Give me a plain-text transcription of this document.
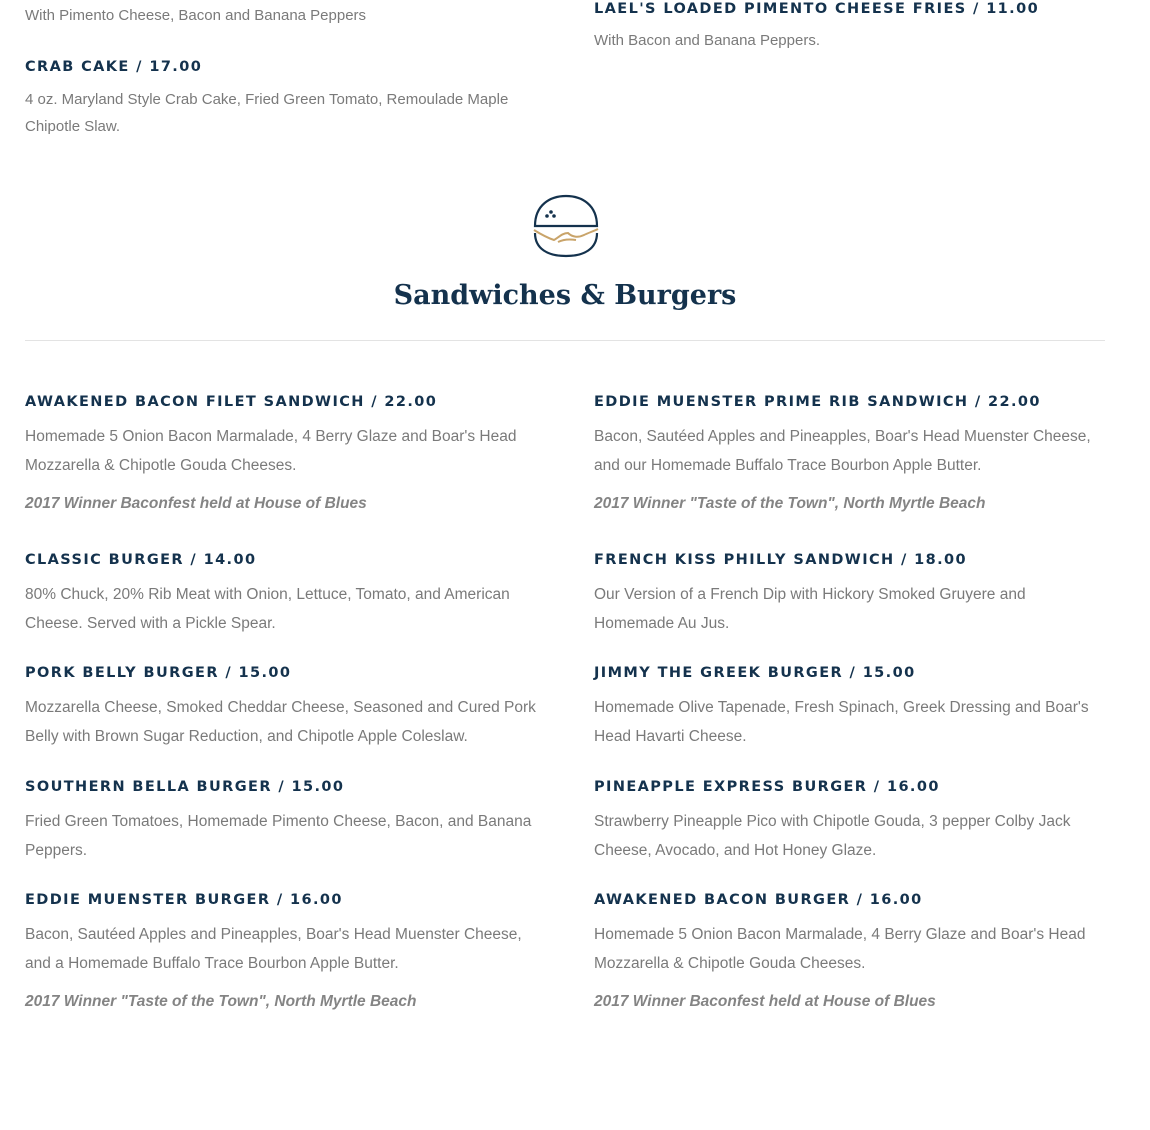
With Pimento Cheese, Bacon and Banana Peppers
CRAB CAKE / 17.00
4 oz. Maryland Style Crab Cake, Fried Green Tomato, Remoulade Maple Chipotle Slaw.
LAEL'S LOADED PIMENTO CHEESE FRIES / 11.00
With Bacon and Banana Peppers.
Sandwiches & Burgers
AWAKENED BACON FILET SANDWICH / 22.00
Homemade 5 Onion Bacon Marmalade, 4 Berry Glaze and Boar's Head Mozzarella & Chipotle Gouda Cheeses.
2017 Winner Baconfest held at House of Blues
CLASSIC BURGER / 14.00
80% Chuck, 20% Rib Meat with Onion, Lettuce, Tomato, and American Cheese. Served with a Pickle Spear.
PORK BELLY BURGER / 15.00
Mozzarella Cheese, Smoked Cheddar Cheese, Seasoned and Cured Pork Belly with Brown Sugar Reduction, and Chipotle Apple Coleslaw.
SOUTHERN BELLA BURGER / 15.00
Fried Green Tomatoes, Homemade Pimento Cheese, Bacon, and Banana Peppers.
EDDIE MUENSTER BURGER / 16.00
Bacon, Sautéed Apples and Pineapples, Boar's Head Muenster Cheese, and a Homemade Buffalo Trace Bourbon Apple Butter.
2017 Winner "Taste of the Town", North Myrtle Beach
EDDIE MUENSTER PRIME RIB SANDWICH / 22.00
Bacon, Sautéed Apples and Pineapples, Boar's Head Muenster Cheese, and our Homemade Buffalo Trace Bourbon Apple Butter.
2017 Winner "Taste of the Town", North Myrtle Beach
FRENCH KISS PHILLY SANDWICH / 18.00
Our Version of a French Dip with Hickory Smoked Gruyere and Homemade Au Jus.
JIMMY THE GREEK BURGER / 15.00
Homemade Olive Tapenade, Fresh Spinach, Greek Dressing and Boar's Head Havarti Cheese.
PINEAPPLE EXPRESS BURGER / 16.00
Strawberry Pineapple Pico with Chipotle Gouda, 3 pepper Colby Jack Cheese, Avocado, and Hot Honey Glaze.
AWAKENED BACON BURGER / 16.00
Homemade 5 Onion Bacon Marmalade, 4 Berry Glaze and Boar's Head Mozzarella & Chipotle Gouda Cheeses.
2017 Winner Baconfest held at House of Blues
